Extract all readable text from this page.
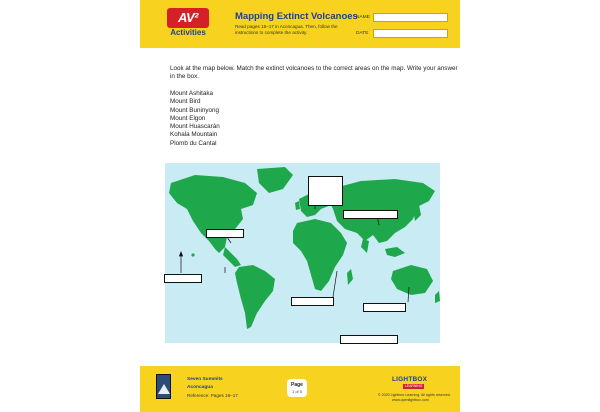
AV²
Activities
Mapping Extinct Volcanoes
Read pages 16–17 in Aconcagua. Then, follow the instructions to complete the activity.
NAME
DATE
Look at the map below. Match the extinct volcanoes to the correct areas on the map. Write your answer in the box.
Mount Ashitaka
Mount Bird
Mount Buninyong
Mount Elgon
Mount Huascarán
Kohala Mountain
Plomb du Cantal
Seven Summits
Aconcagua
Reference: Pages 16–17
Page
1 of 5
LIGHTBOX
LEARNING
© 2020 Lightbox Learning. All rights reserved.
www.openlightbox.com
